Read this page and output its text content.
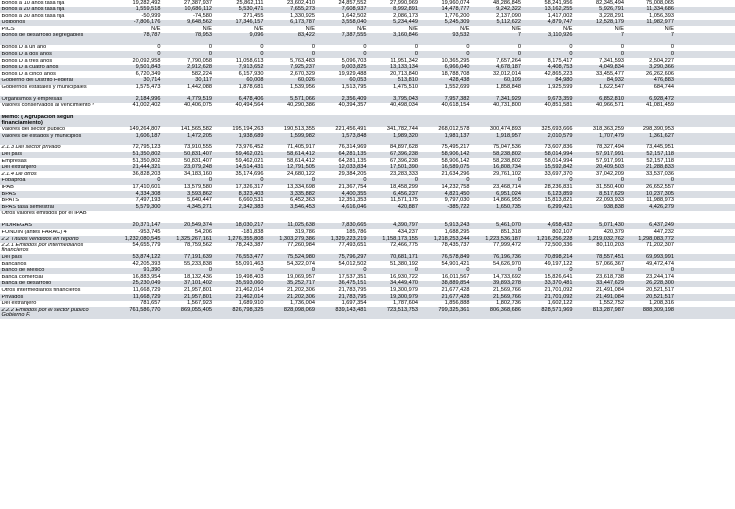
Bonos a 10 años tasa fija	19,282,492	27,387,937	25,862,111	23,602,410	24,857,552	27,990,969	19,960,074	48,286,845	58,241,956	82,345,494	75,008,065
Bonos a 20 años tasa fija	1,559,518	10,686,112	5,530,471	7,655,273	7,608,937	8,992,891	14,478,777	9,242,322	13,162,255	5,926,791	11,334,686
Bonos a 30 años tasa fija	-50,999	-74,580	271,455	1,330,925	1,642,502	2,086,173	1,776,200	2,137,090	1,417,002	3,228,291	1,056,393
Udibonos	-7,806,176	9,648,562	17,346,157	6,173,787	3,558,040	5,234,449	5,245,309	5,112,622	4,879,747	12,528,179	11,982,977
PICS	N/E	N/E	N/E	N/E	N/E	N/E	N/E	N/E	N/E	N/E	N/E
Bonos de desarrollo segregables	78,787	78,953	9,096	83,422	7,387,555	3,160,846	93,532	7	3,110,926	7	7
Bonos D a un año	0	0	0	0	0	0	0	0	0	0	0
Bonos D a dos años	0	0	0	0	0	0	0	0	0	0	0
Bonos D a tres años	20,092,958	7,790,058	11,058,613	5,763,483	5,096,703	11,951,342	10,365,295	7,657,264	8,175,417	7,341,593	2,504,227
Bonos D a cuatro años	9,501,843	2,912,628	7,913,652	7,925,237	9,003,825	13,133,134	6,966,040	4,678,187	4,408,753	4,049,834	3,290,366
Bonos D a cinco años	6,720,349	582,224	6,157,930	2,670,329	19,929,488	20,713,840	18,788,708	32,012,014	42,865,223	33,455,477	26,262,606
Gobierno del Distrito Federal	30,714	30,117	60,008	60,026	60,053	513,810	428,438	60,109	84,980	84,932	476,883
Gobiernos estatales y municipales	1,575,473	1,442,088	1,878,681	1,539,956	1,513,795	1,475,510	1,552,699	1,858,848	1,925,599	1,622,547	684,744
Organismos y empresas	2,184,996	4,779,519	6,478,406	5,571,066	2,356,409	3,795,043	7,957,382	7,341,929	9,673,359	6,852,810	6,928,472
Valores conservados al vencimiento ³	41,002,402	40,406,075	40,494,564	40,290,386	40,394,357	40,498,034	40,618,154	40,731,800	40,851,581	40,966,571	41,081,459
Memo: ( Agrupación según financiamiento)
Valores del sector público	149,264,807	141,565,582	195,194,263	190,513,355	221,456,491	341,782,744	268,012,578	300,474,893	325,693,666	318,363,259	298,390,953
Valores de estados y municipios	1,606,187	1,472,205	1,938,689	1,599,982	1,573,848	1,989,320	1,981,137	1,918,957	2,010,579	1,707,479	1,361,627
2.1.3 Del sector privado	72,795,123	73,910,555	73,976,452	71,405,917	76,314,969	84,897,628	75,495,217	75,047,536	73,607,836	78,327,494	73,445,951
Del país	51,350,802	50,831,407	59,462,021	58,614,412	64,281,135	67,396,238	58,906,142	58,238,802	58,014,994	57,917,991	52,157,118
Empresas	51,350,802	50,831,407	59,462,021	58,614,412	64,281,135	67,396,238	58,906,142	58,238,802	58,014,994	57,917,991	52,157,118
Del extranjero	21,444,321	23,079,248	14,514,431	12,791,505	12,033,834	17,501,390	16,589,075	16,808,734	15,592,842	20,409,503	21,288,833
2.1.4 De otros	36,828,203	34,183,160	35,174,696	24,680,122	29,384,205	23,283,333	21,634,296	29,761,102	33,697,370	37,042,209	33,537,036
Fobaproa	0	0	0	0	0	0	0	0	0	0	0
IPAB	17,410,601	13,579,580	17,326,317	13,334,698	21,367,754	18,458,299	14,232,758	23,468,714	28,236,831	31,550,400	26,652,557
BPAS	4,334,308	3,593,862	8,323,403	3,335,882	4,400,355	6,456,237	4,821,450	6,951,024	6,123,859	8,517,629	10,237,305
BPATS	7,497,193	5,640,447	6,660,531	6,452,363	12,351,353	11,571,175	9,797,030	14,866,955	15,813,821	22,093,933	11,988,973
BPAS tasa semestral	5,579,300	4,345,271	2,342,383	3,546,453	4,616,046	420,887	-385,722	1,650,735	6,299,421	938,838	4,426,279
Otros valores emitidos por el IPAB
PIDIREGAS	20,371,147	20,549,374	18,030,217	11,025,638	7,830,665	4,390,797	5,913,243	5,461,070	4,658,432	5,071,430	6,437,249
FONDIN (antes FARAC) 4	-953,745	54,206	-181,838	319,786	185,786	434,237	1,688,295	851,318	802,107	420,379	447,232
2.2 Títulos vendidos en reporto	1,232,080,545	1,325,267,161	1,276,355,808	1,303,279,386	1,329,223,219	1,158,173,155	1,218,253,244	1,223,536,187	1,216,256,228	1,219,032,762	1,298,083,772
2.2.1 Emitidos por intermediarios financieros
54,655,779	78,759,562	78,243,387	77,260,984	77,493,651	72,466,775	78,435,737	77,999,472	72,500,336	80,110,203	71,202,307
Del país	53,874,122	77,191,639	76,553,477	75,524,980	75,796,297	70,681,171	76,578,849	76,196,736	70,898,214	78,557,451	69,993,991
Bancarios	42,205,393	55,233,838	55,091,463	54,322,074	54,012,502	51,380,192	54,901,421	54,626,970	49,197,122	57,066,367	49,472,474
Banco de México	91,390	0	0	0	0	0	0	0	0	0	0
Banca comercial	16,883,954	18,132,436	19,498,403	19,069,957	17,537,351	16,930,722	16,011,567	14,733,692	15,826,641	23,618,738	23,244,174
Banca de desarrollo	25,230,049	37,101,402	35,593,060	35,252,717	36,475,151	34,449,470	38,889,854	39,893,278	33,370,481	33,447,629	26,228,300
Otros intermediarios financieros	11,668,729	21,957,801	21,462,014	21,202,306	21,783,795	19,300,979	21,677,428	21,569,766	21,701,092	21,491,084	20,521,517
Privados	11,668,729	21,957,801	21,462,014	21,202,306	21,783,795	19,300,979	21,677,428	21,569,766	21,701,092	21,491,084	20,521,517
Del extranjero	781,657	1,567,923	1,689,910	1,736,004	1,697,354	1,787,604	1,856,888	1,802,736	1,602,122	1,552,752	1,208,316
2.2.2 Emitidos por el sector público Gobierno F.
761,586,770	869,055,405	826,798,325	828,098,069	839,143,481	723,513,753	799,325,361	806,368,686	828,571,969	813,287,987	888,309,198
